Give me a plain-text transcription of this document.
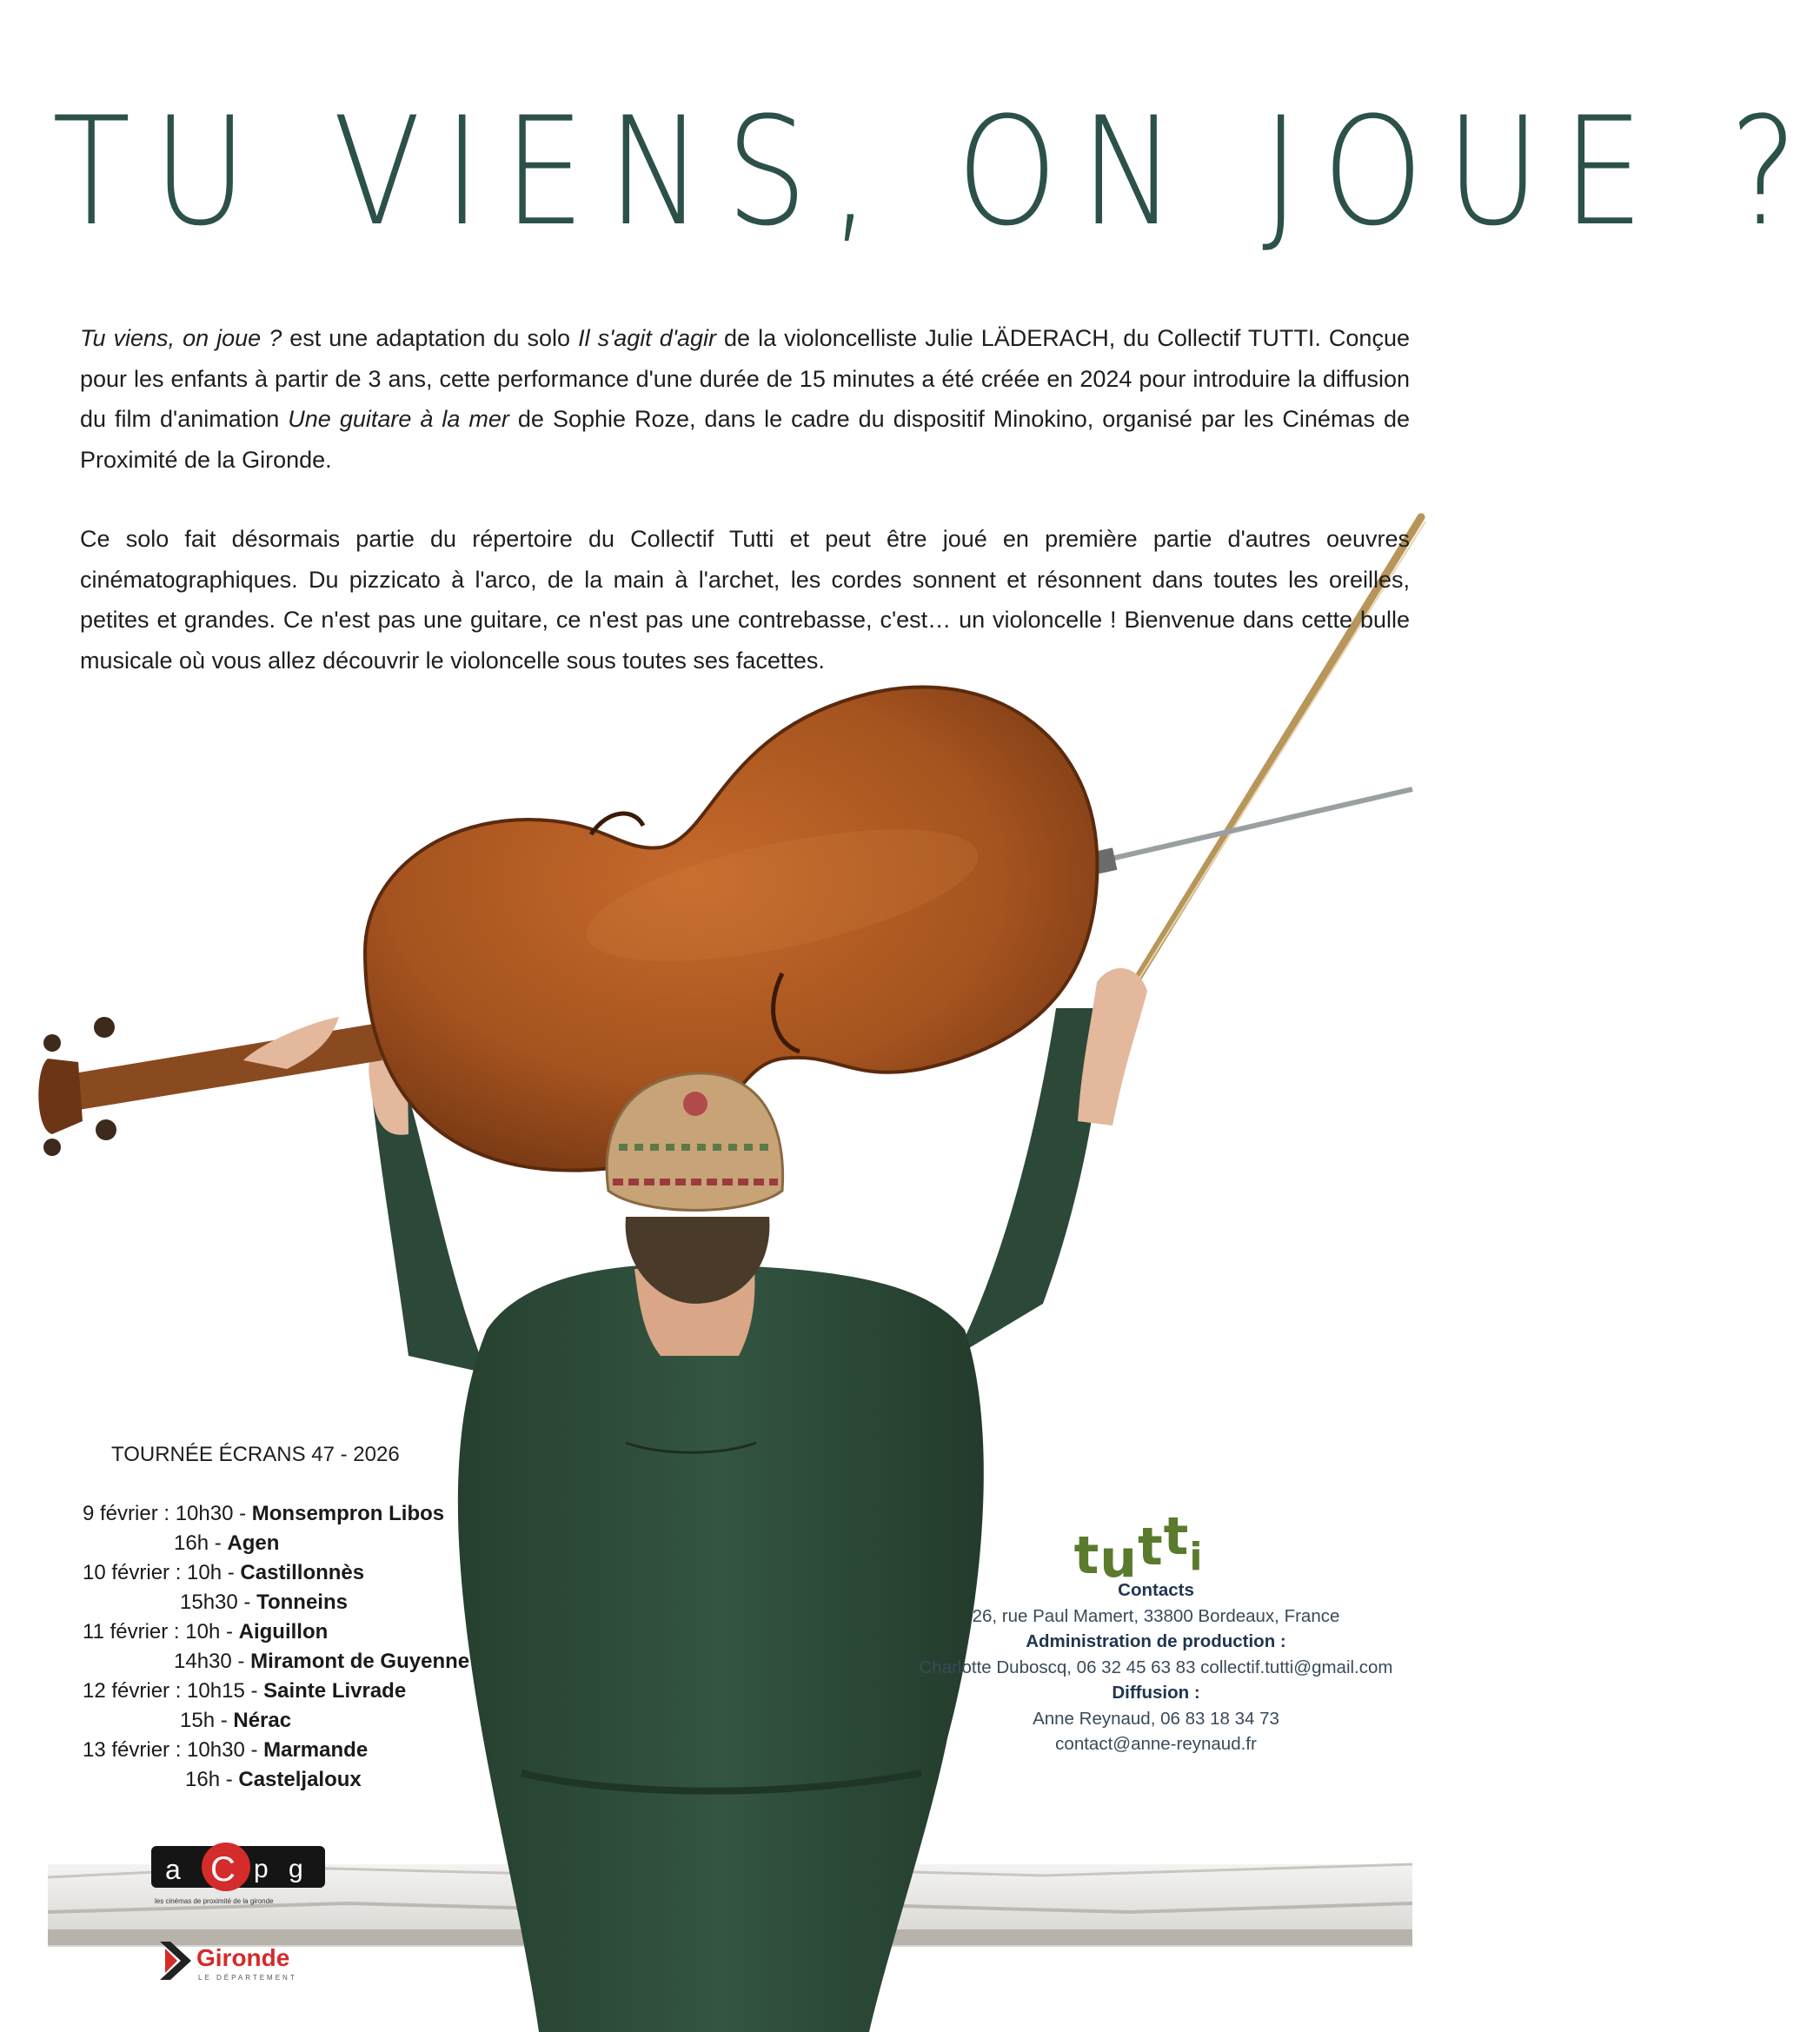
TU VIENS, ON JOUE ?
Tu viens, on joue ? est une adaptation du solo Il s'agit d'agir de la violoncelliste Julie LÄDERACH, du Collectif TUTTI. Conçue pour les enfants à partir de 3 ans, cette performance d'une durée de 15 minutes a été créée en 2024 pour introduire la diffusion du film d'animation Une guitare à la mer de Sophie Roze, dans le cadre du dispositif Minokino, organisé par les Cinémas de Proximité de la Gironde.
Ce solo fait désormais partie du répertoire du Collectif Tutti et peut être joué en première partie d'autres oeuvres cinématographiques. Du pizzicato à l'arco, de la main à l'archet, les cordes sonnent et résonnent dans toutes les oreilles, petites et grandes. Ce n'est pas une guitare, ce n'est pas une contrebasse, c'est… un violoncelle ! Bienvenue dans cette bulle musicale où vous allez découvrir le violoncelle sous toutes ses facettes.
TOURNÉE ÉCRANS 47 - 2026
9 février : 10h30 - Monsempron Libos
16h - Agen
10 février : 10h - Castillonnès
15h30 - Tonneins
11 février : 10h - Aiguillon
14h30 - Miramont de Guyenne
12 février : 10h15 - Sainte Livrade
15h - Nérac
13 février : 10h30 - Marmande
16h - Casteljaloux
tutti
Contacts
26, rue Paul Mamert, 33800 Bordeaux, France
Administration de production :
Charlotte Duboscq, 06 32 45 63 83 collectif.tutti@gmail.com
Diffusion :
Anne Reynaud, 06 83 18 34 73
contact@anne-reynaud.fr
a C p g
les cinémas de proximité de la gironde
Gironde
LE DÉPARTEMENT
